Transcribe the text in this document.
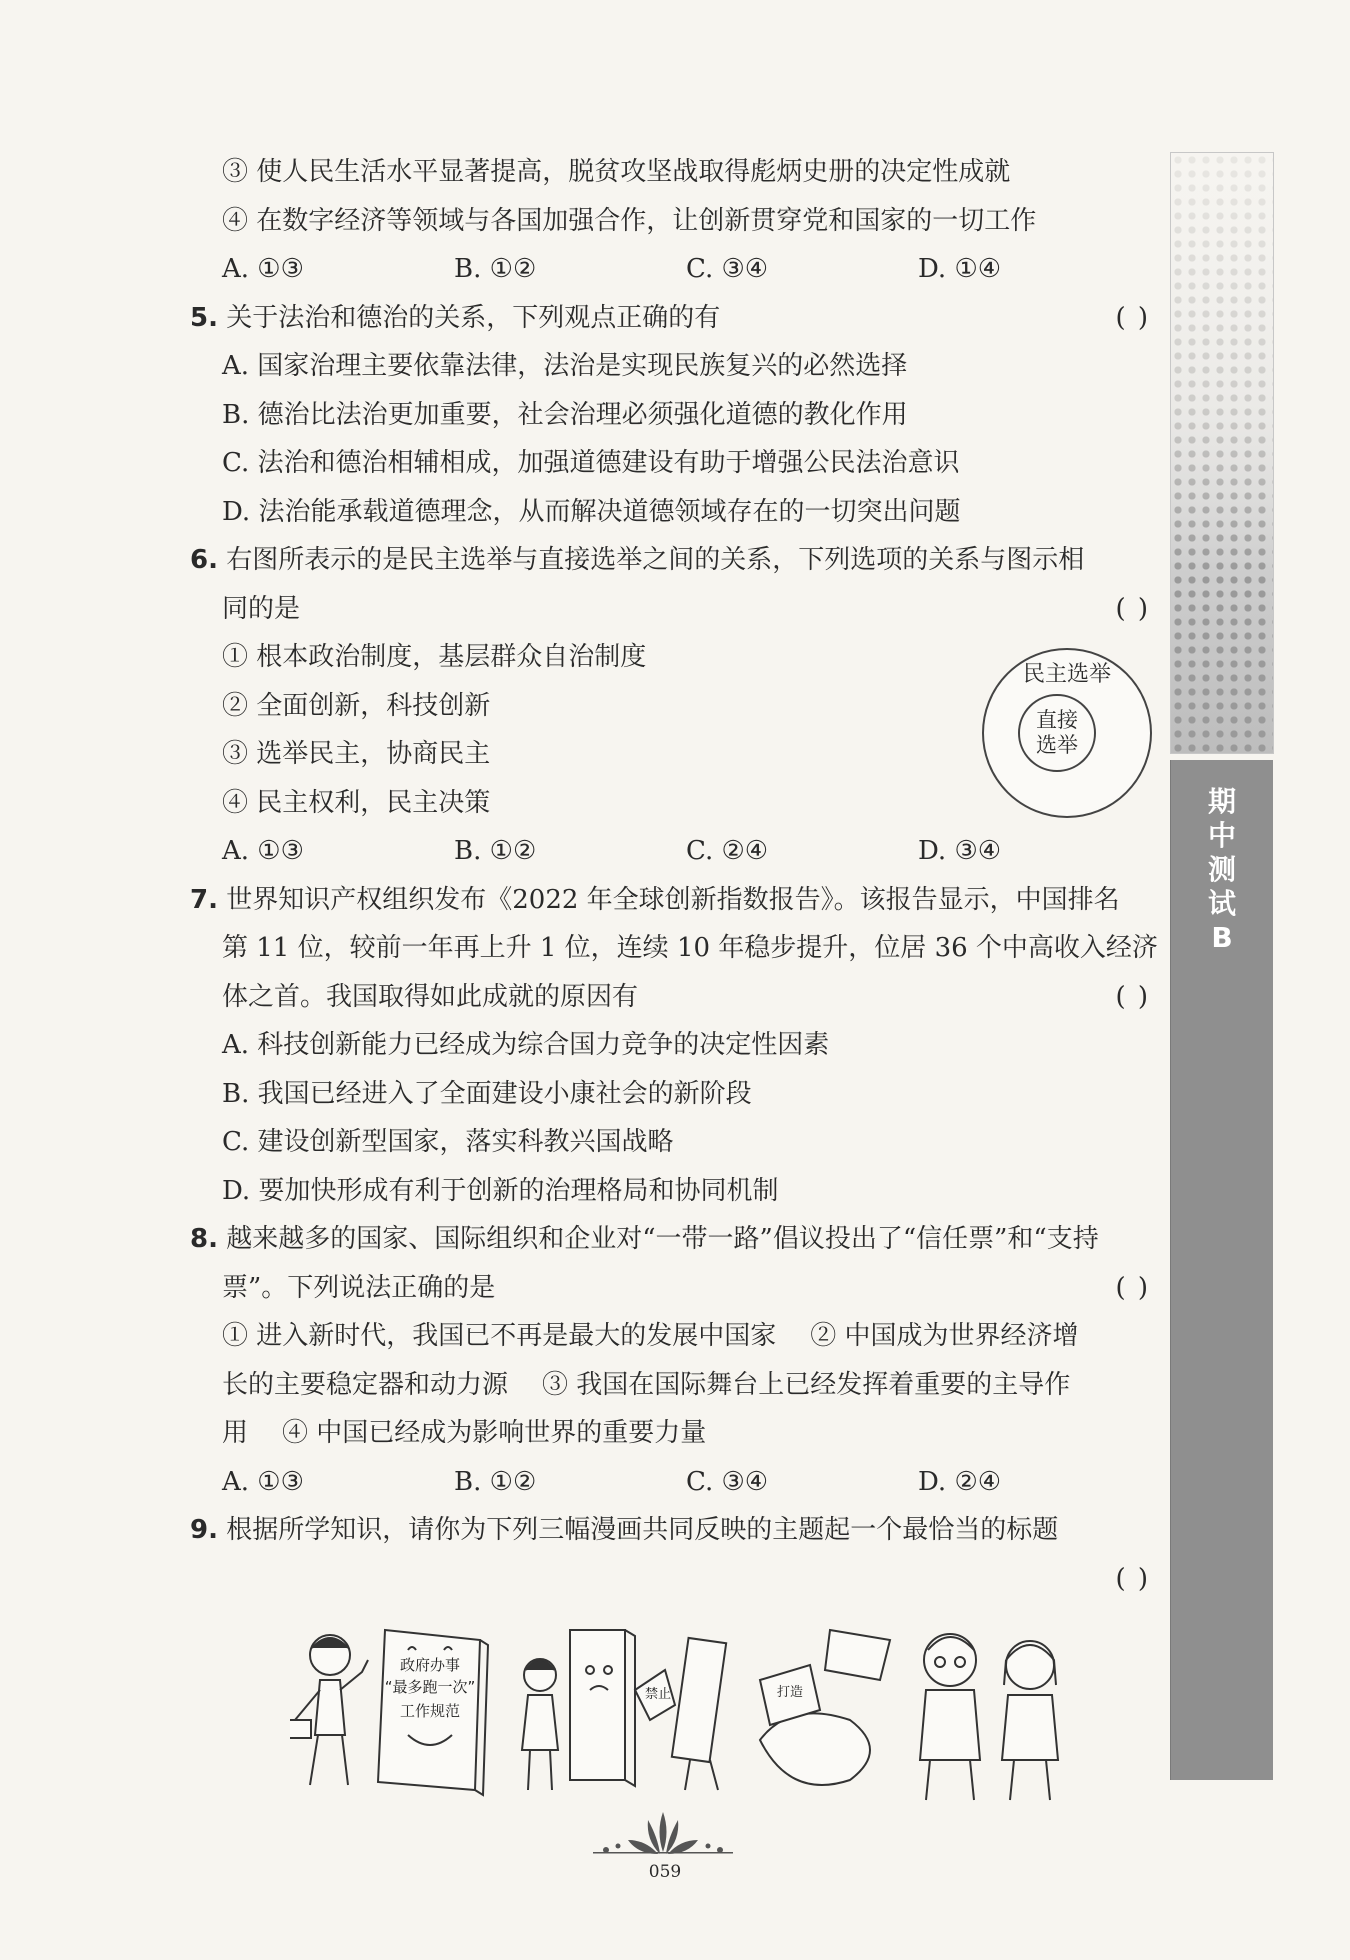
期
中
测
试
B
③ 使人民生活水平显著提高，脱贫攻坚战取得彪炳史册的决定性成就
④ 在数字经济等领域与各国加强合作，让创新贯穿党和国家的一切工作
A. ①③	B. ①②	C. ③④	D. ①④
5. 关于法治和德治的关系，下列观点正确的有	( )
A. 国家治理主要依靠法律，法治是实现民族复兴的必然选择
B. 德治比法治更加重要，社会治理必须强化道德的教化作用
C. 法治和德治相辅相成，加强道德建设有助于增强公民法治意识
D. 法治能承载道德理念，从而解决道德领域存在的一切突出问题
6. 右图所表示的是民主选举与直接选举之间的关系，下列选项的关系与图示相
同的是	( )
① 根本政治制度，基层群众自治制度
② 全面创新，科技创新
③ 选举民主，协商民主
④ 民主权利，民主决策
A. ①③	B. ①②	C. ②④	D. ③④
7. 世界知识产权组织发布《2022 年全球创新指数报告》。该报告显示，中国排名
第 11 位，较前一年再上升 1 位，连续 10 年稳步提升，位居 36 个中高收入经济
体之首。我国取得如此成就的原因有	( )
A. 科技创新能力已经成为综合国力竞争的决定性因素
B. 我国已经进入了全面建设小康社会的新阶段
C. 建设创新型国家，落实科教兴国战略
D. 要加快形成有利于创新的治理格局和协同机制
8. 越来越多的国家、国际组织和企业对“一带一路”倡议投出了“信任票”和“支持
票”。下列说法正确的是	( )
① 进入新时代，我国已不再是最大的发展中国家 ② 中国成为世界经济增
长的主要稳定器和动力源 ③ 我国在国际舞台上已经发挥着重要的主导作
用 ④ 中国已经成为影响世界的重要力量
A. ①③	B. ①②	C. ③④	D. ②④
9. 根据所学知识，请你为下列三幅漫画共同反映的主题起一个最恰当的标题
( )
民主选举
直接
选举
政府办事
“最多跑一次”
工作规范
禁止	打造
059
